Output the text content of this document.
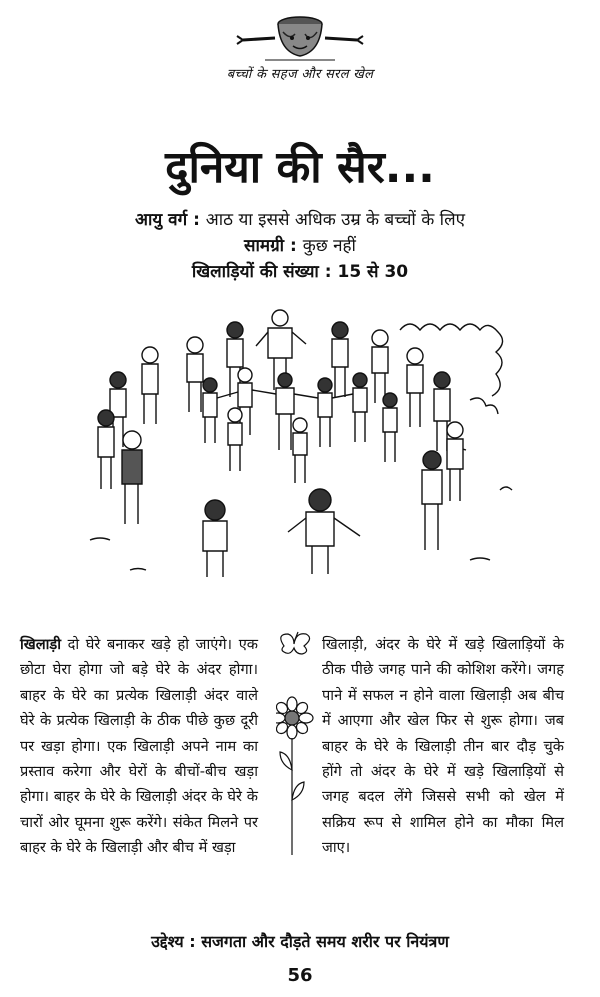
बच्चों के सहज और सरल खेल
दुनिया की सैर...
आयु वर्ग : आठ या इससे अधिक उम्र के बच्चों के लिए
सामग्री : कुछ नहीं
खिलाड़ियों की संख्या : 15 से 30
खिलाड़ी दो घेरे बनाकर खड़े हो जाएंगे। एक छोटा घेरा होगा जो बड़े घेरे के अंदर होगा। बाहर के घेरे का प्रत्येक खिलाड़ी अंदर वाले घेरे के प्रत्येक खिलाड़ी के ठीक पीछे कुछ दूरी पर खड़ा होगा। एक खिलाड़ी अपने नाम का प्रस्ताव करेगा और घेरों के बीचों-बीच खड़ा होगा। बाहर के घेरे के खिलाड़ी अंदर के घेरे के चारों ओर घूमना शुरू करेंगे। संकेत मिलने पर बाहर के घेरे के खिलाड़ी और बीच में खड़ा
खिलाड़ी, अंदर के घेरे में खड़े खिलाड़ियों के ठीक पीछे जगह पाने की कोशिश करेंगे। जगह पाने में सफल न होने वाला खिलाड़ी अब बीच में आएगा और खेल फिर से शुरू होगा। जब बाहर के घेरे के खिलाड़ी तीन बार दौड़ चुके होंगे तो अंदर के घेरे में खड़े खिलाड़ियों से जगह बदल लेंगे जिससे सभी को खेल में सक्रिय रूप से शामिल होने का मौका मिल जाए।
उद्देश्य : सजगता और दौड़ते समय शरीर पर नियंत्रण
56
